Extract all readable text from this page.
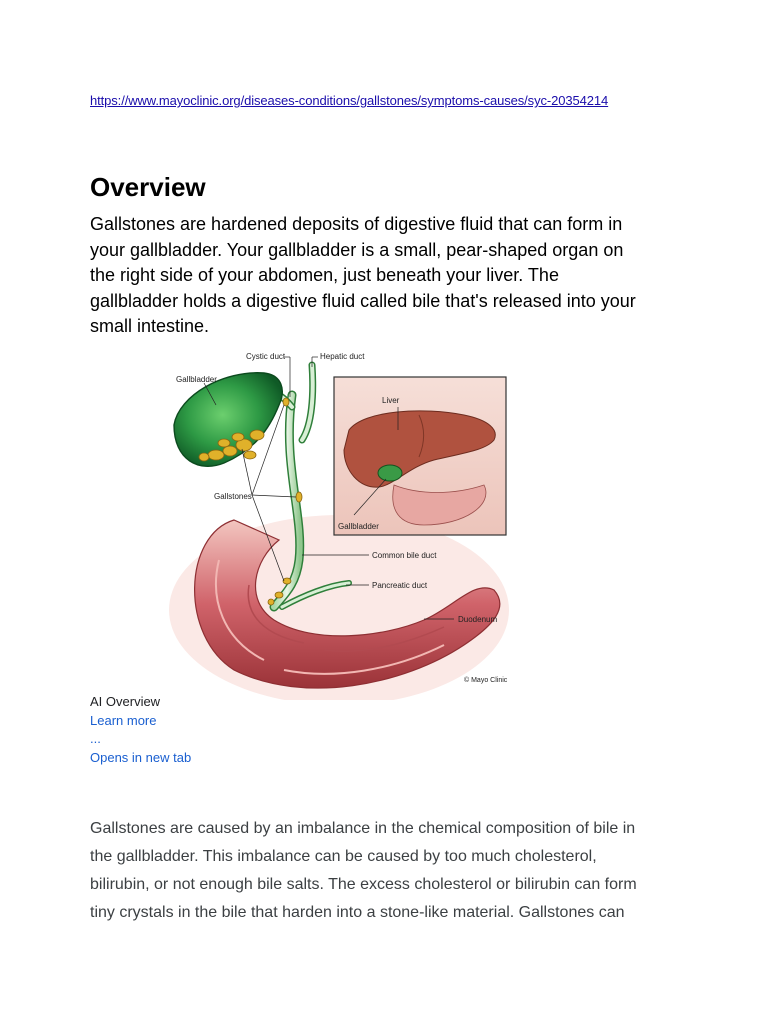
https://www.mayoclinic.org/diseases-conditions/gallstones/symptoms-causes/syc-20354214
Overview

Gallstones are hardened deposits of digestive fluid that can form in
your gallbladder. Your gallbladder is a small, pear-shaped organ on
the right side of your abdomen, just beneath your liver. The
gallbladder holds a digestive fluid called bile that's released into your
small intestine.

Cystic duct	Hepatic duct
Gallbladder
Liver
Gallstones
Gallbladder
Common bile duct
Pancreatic duct
Duodenum
© Mayo Clinic
AI Overview
Learn more
...
Opens in new tab

Gallstones are caused by an imbalance in the chemical composition of bile in
the gallbladder. This imbalance can be caused by too much cholesterol,
bilirubin, or not enough bile salts. The excess cholesterol or bilirubin can form
tiny crystals in the bile that harden into a stone-like material. Gallstones can
